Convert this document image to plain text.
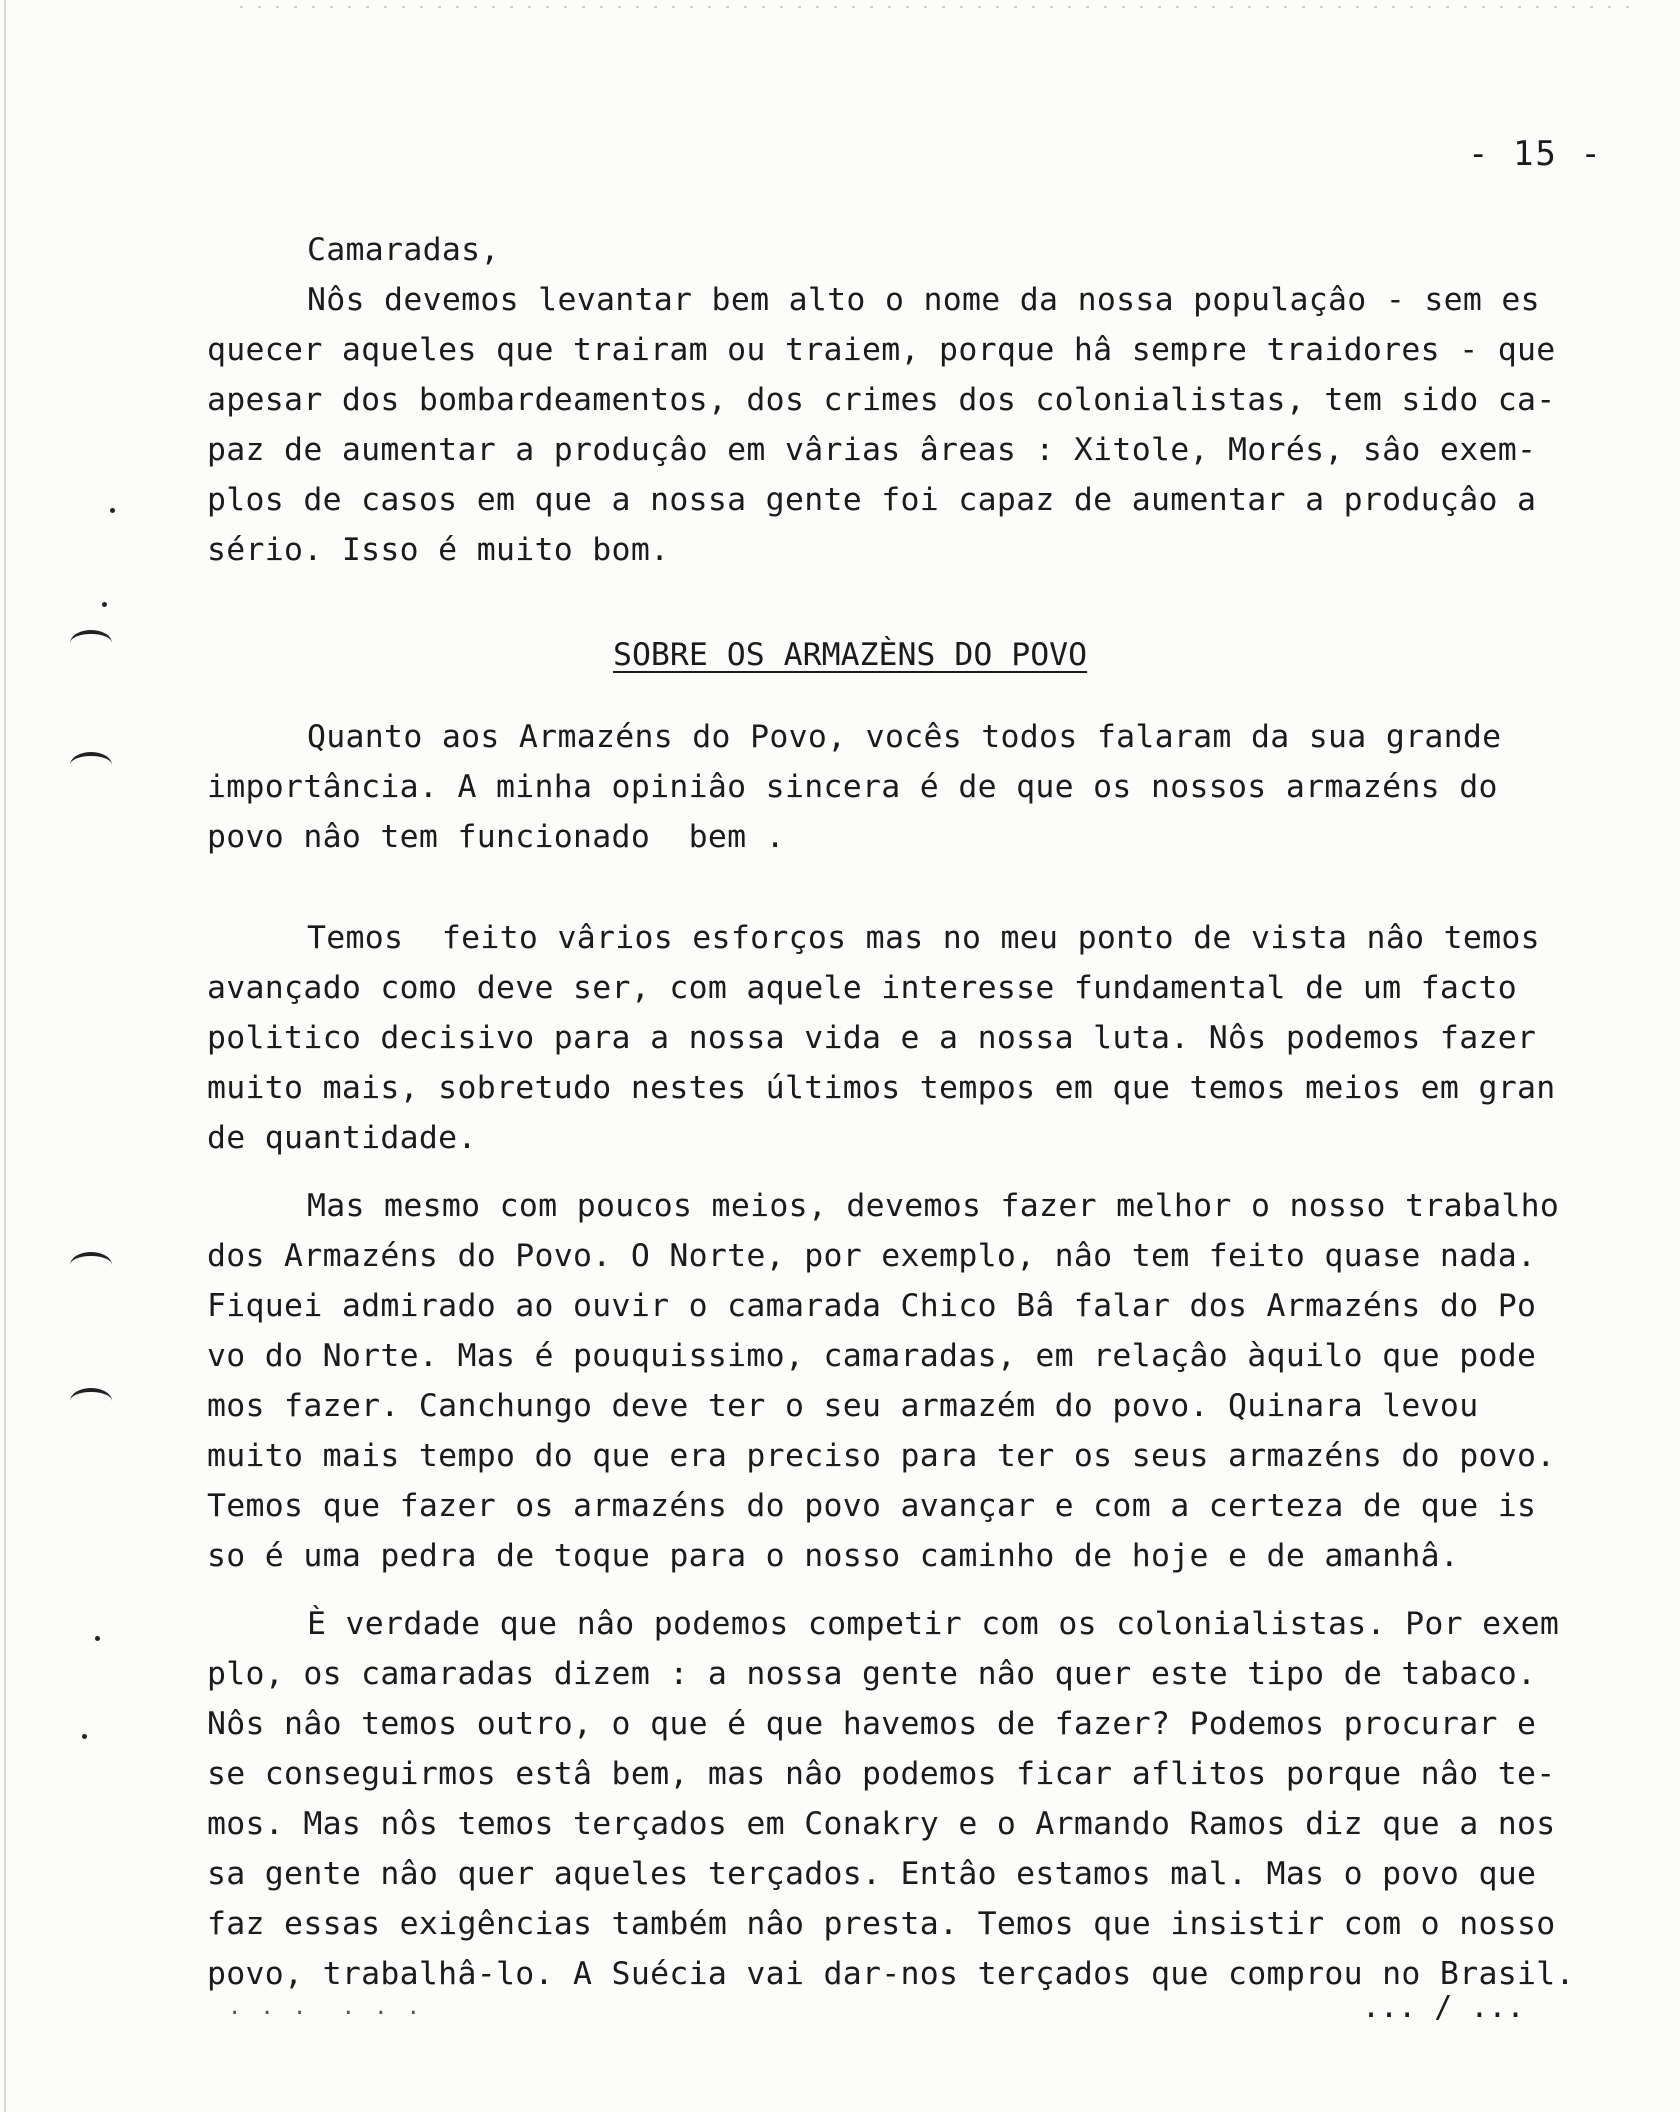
- 15 -
Camaradas,
Nôs devemos levantar bem alto o nome da nossa populaçâo - sem es
quecer aqueles que trairam ou traiem, porque hâ sempre traidores - que
apesar dos bombardeamentos, dos crimes dos colonialistas, tem sido ca-
paz de aumentar a produçâo em vârias âreas : Xitole, Morés, sâo exem-
plos de casos em que a nossa gente foi capaz de aumentar a produçâo a
sério. Isso é muito bom.
SOBRE OS ARMAZÈNS DO POVO
Quanto aos Armazéns do Povo, vocês todos falaram da sua grande
importância. A minha opiniâo sincera é de que os nossos armazéns do
povo nâo tem funcionado  bem .
Temos  feito vârios esforços mas no meu ponto de vista nâo temos
avançado como deve ser, com aquele interesse fundamental de um facto
politico decisivo para a nossa vida e a nossa luta. Nôs podemos fazer
muito mais, sobretudo nestes últimos tempos em que temos meios em gran
de quantidade.
Mas mesmo com poucos meios, devemos fazer melhor o nosso trabalho
dos Armazéns do Povo. O Norte, por exemplo, nâo tem feito quase nada.
Fiquei admirado ao ouvir o camarada Chico Bâ falar dos Armazéns do Po
vo do Norte. Mas é pouquissimo, camaradas, em relaçâo àquilo que pode
mos fazer. Canchungo deve ter o seu armazém do povo. Quinara levou
muito mais tempo do que era preciso para ter os seus armazéns do povo.
Temos que fazer os armazéns do povo avançar e com a certeza de que is
so é uma pedra de toque para o nosso caminho de hoje e de amanhâ.
È verdade que nâo podemos competir com os colonialistas. Por exem
plo, os camaradas dizem : a nossa gente nâo quer este tipo de tabaco.
Nôs nâo temos outro, o que é que havemos de fazer? Podemos procurar e
se conseguirmos estâ bem, mas nâo podemos ficar aflitos porque nâo te-
mos. Mas nôs temos terçados em Conakry e o Armando Ramos diz que a nos
sa gente nâo quer aqueles terçados. Entâo estamos mal. Mas o povo que
faz essas exigências também nâo presta. Temos que insistir com o nosso
povo, trabalhâ-lo. A Suécia vai dar-nos terçados que comprou no Brasil.
. . .  . . .	... / ...
